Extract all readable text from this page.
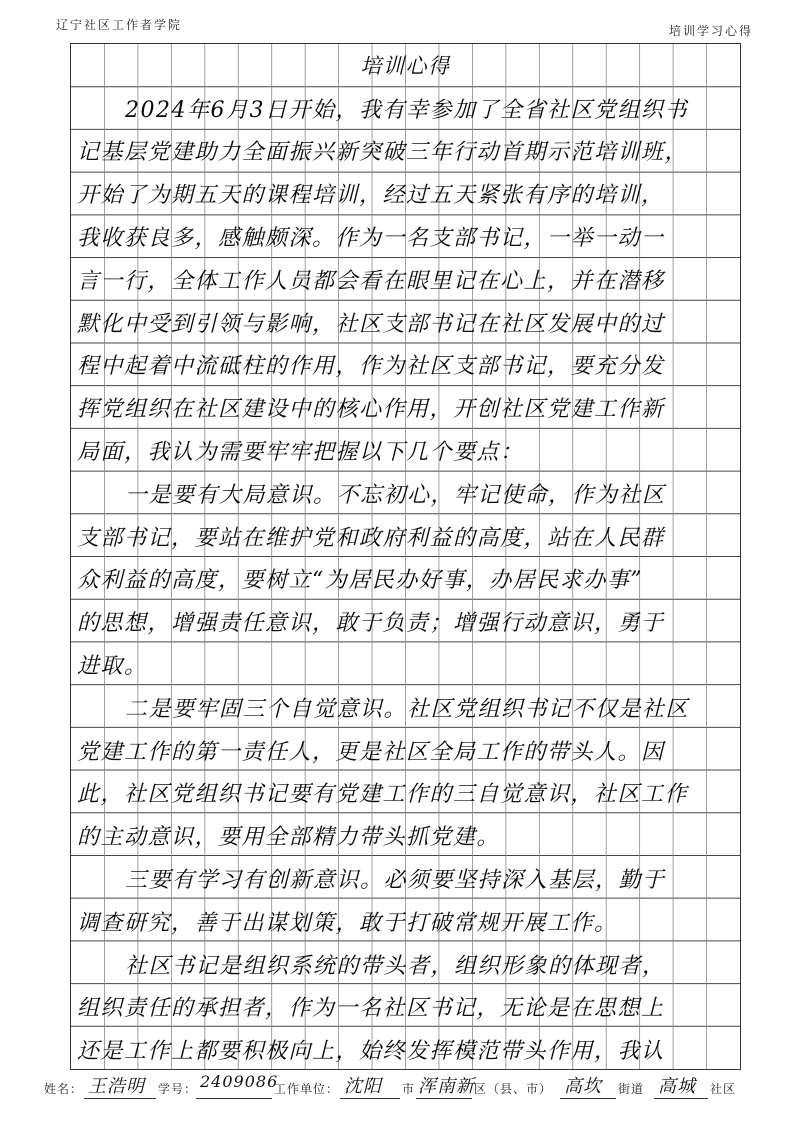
辽宁社区工作者学院	培训学习心得
培训心得
2024年6月3日开始，我有幸参加了全省社区党组织书
记基层党建助力全面振兴新突破三年行动首期示范培训班，
开始了为期五天的课程培训，经过五天紧张有序的培训，
我收获良多，感触颇深。作为一名支部书记，一举一动一
言一行，全体工作人员都会看在眼里记在心上，并在潜移
默化中受到引领与影响，社区支部书记在社区发展中的过
程中起着中流砥柱的作用，作为社区支部书记，要充分发
挥党组织在社区建设中的核心作用，开创社区党建工作新
局面，我认为需要牢牢把握以下几个要点：
一是要有大局意识。不忘初心，牢记使命，作为社区
支部书记，要站在维护党和政府利益的高度，站在人民群
众利益的高度，要树立“为居民办好事，办居民求办事”
的思想，增强责任意识，敢于负责；增强行动意识，勇于
进取。
二是要牢固三个自觉意识。社区党组织书记不仅是社区
党建工作的第一责任人，更是社区全局工作的带头人。因
此，社区党组织书记要有党建工作的三自觉意识，社区工作
的主动意识，要用全部精力带头抓党建。
三要有学习有创新意识。必须要坚持深入基层，勤于
调查研究，善于出谋划策，敢于打破常规开展工作。
社区书记是组织系统的带头者，组织形象的体现者，
组织责任的承担者，作为一名社区书记，无论是在思想上
还是工作上都要积极向上，始终发挥模范带头作用，我认
姓名： 王浩明 学号： 2409086
工作单位： 沈阳 市 浑南新 区（县、市） 高坎 街道 高城 社区
